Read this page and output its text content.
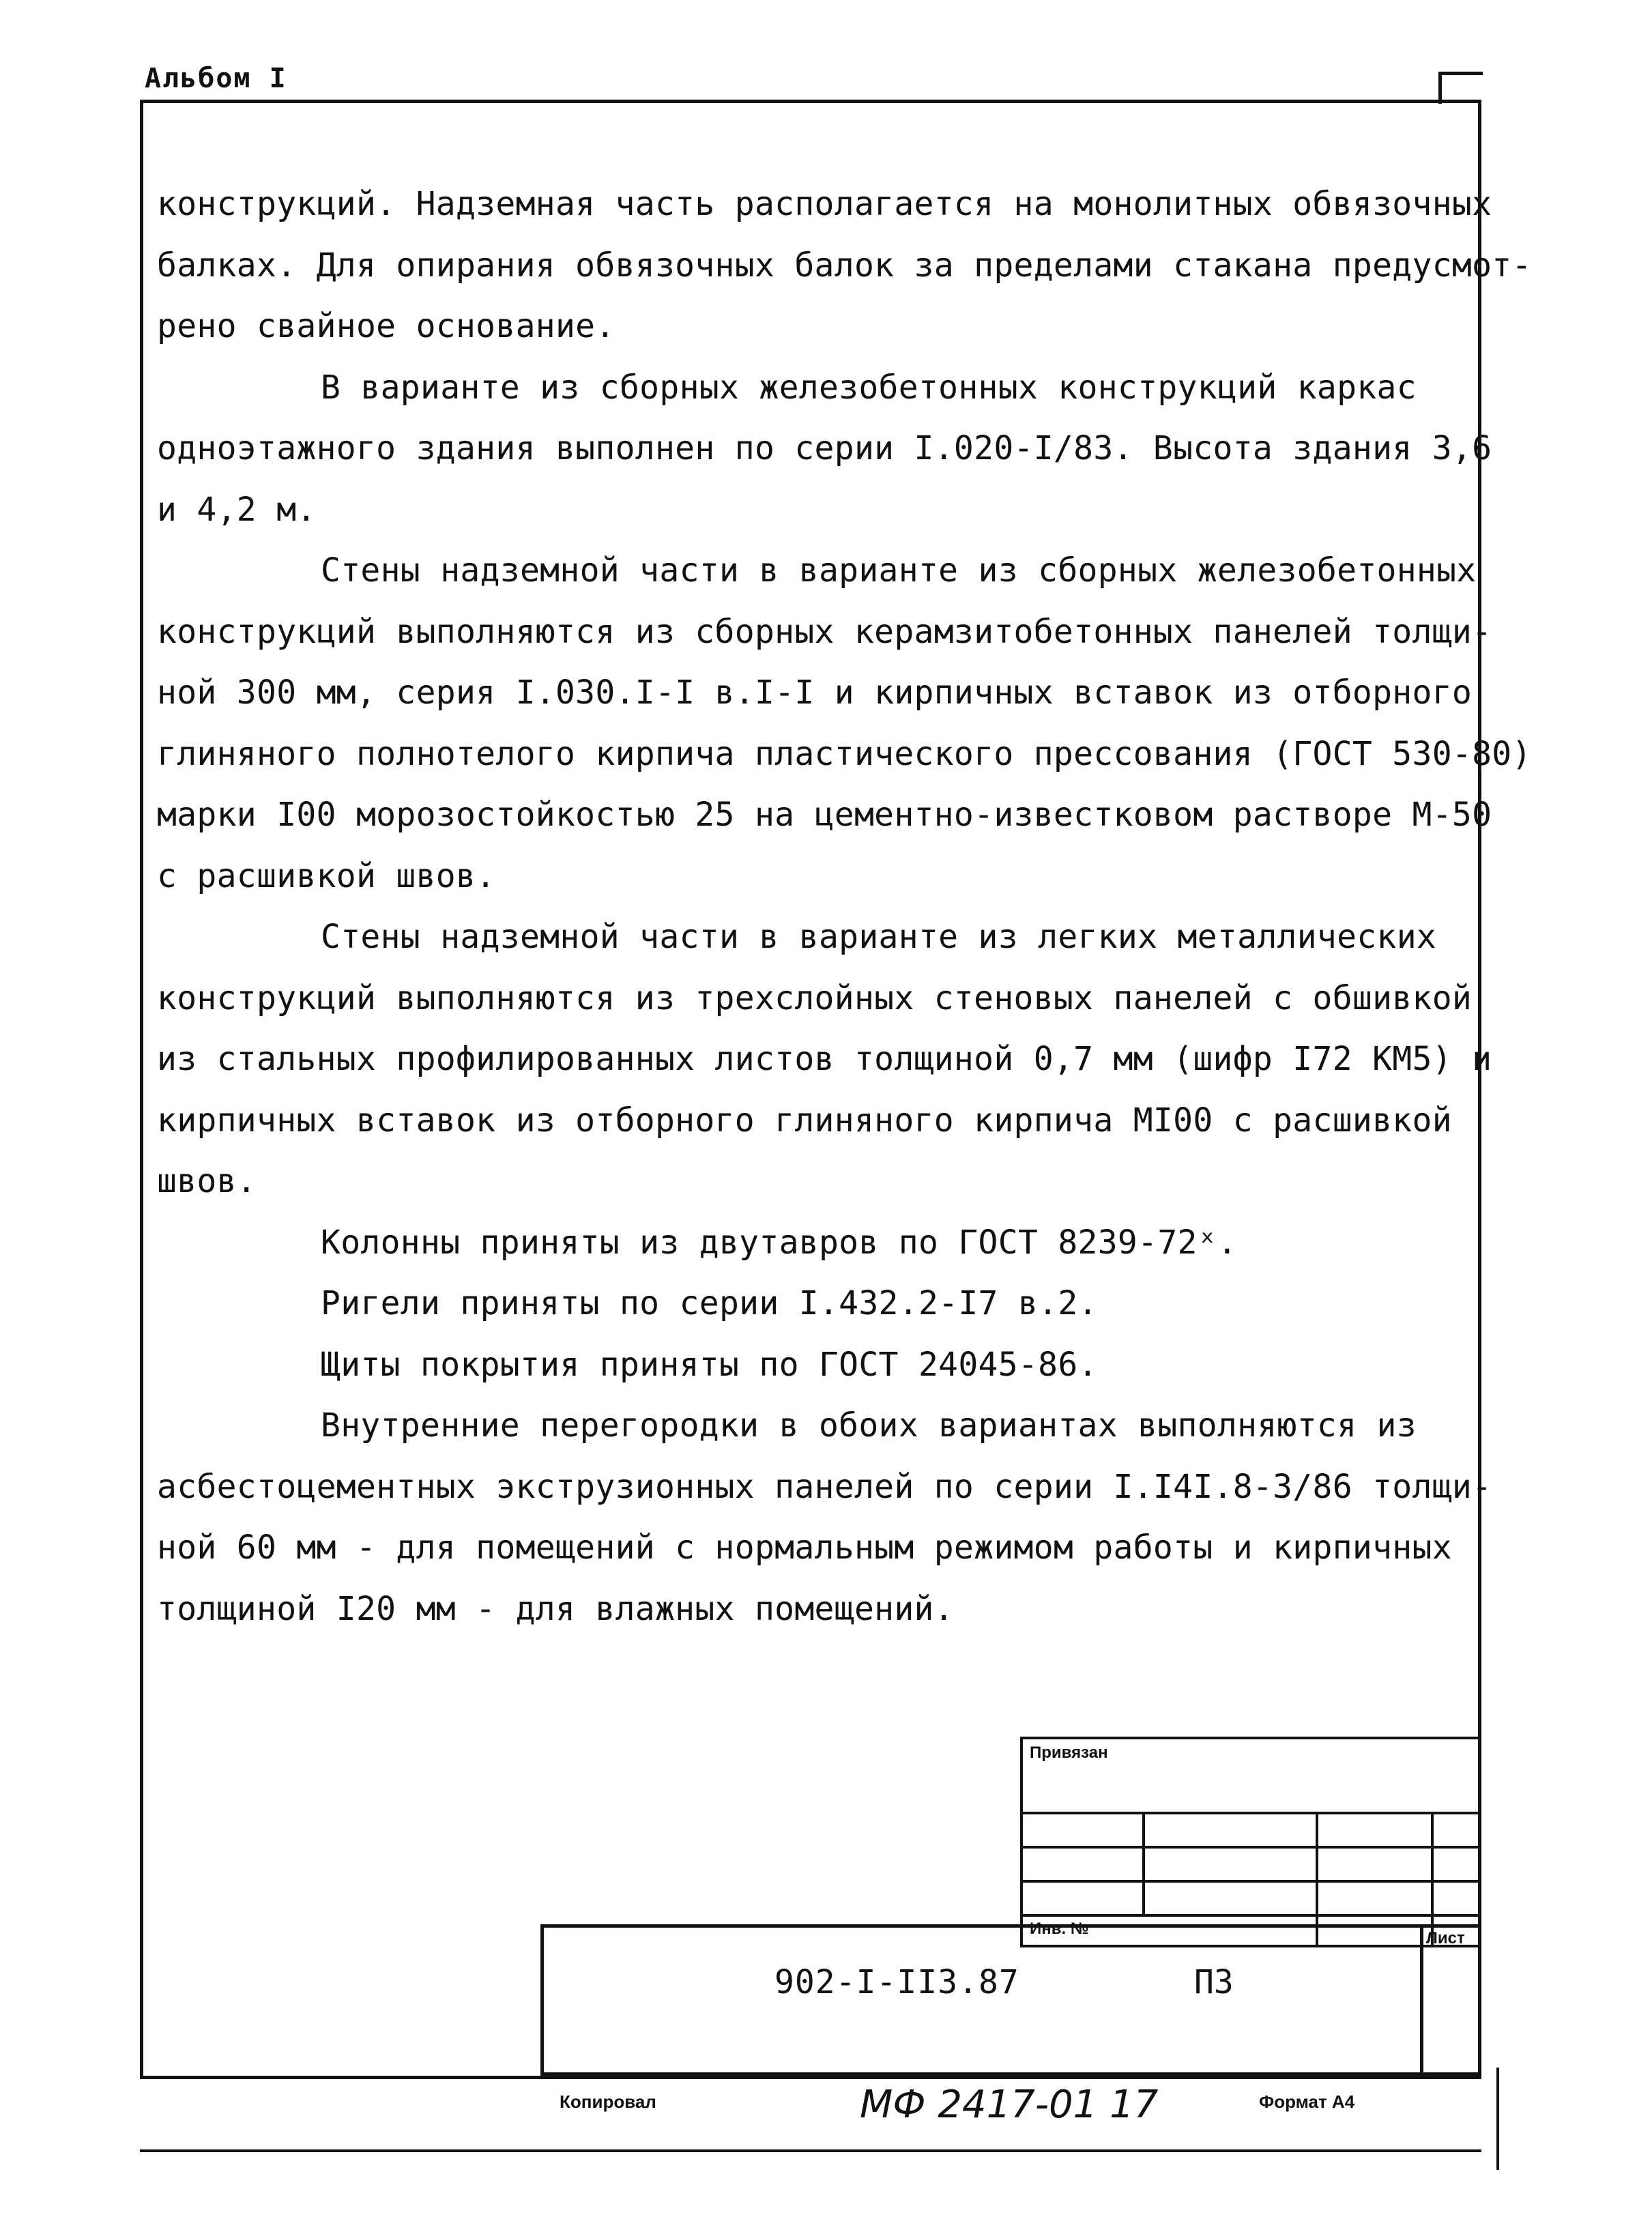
Альбом I
конструкций. Надземная часть располагается на монолитных обвязочных
балках. Для опирания обвязочных балок за пределами стакана предусмот-
рено свайное основание.
В варианте из сборных железобетонных конструкций каркас
одноэтажного здания выполнен по серии I.020-I/83. Высота здания 3,6
и 4,2 м.
Стены надземной части в варианте из сборных железобетонных
конструкций выполняются из сборных керамзитобетонных панелей толщи-
ной 300 мм, серия I.030.I-I в.I-I и кирпичных вставок из отборного
глиняного полнотелого кирпича пластического прессования (ГОСТ 530-80)
марки I00 морозостойкостью 25 на цементно-известковом растворе М-50
с расшивкой швов.
Стены надземной части в варианте из легких металлических
конструкций выполняются из трехслойных стеновых панелей с обшивкой
из стальных профилированных листов толщиной 0,7 мм (шифр I72 КМ5) и
кирпичных вставок из отборного глиняного кирпича МI00 с расшивкой
швов.
Колонны приняты из двутавров по ГОСТ 8239-72ˣ.
Ригели приняты по серии I.432.2-I7 в.2.
Щиты покрытия приняты по ГОСТ 24045-86.
Внутренние перегородки в обоих вариантах выполняются из
асбестоцементных экструзионных панелей по серии I.I4I.8-3/86 толщи-
ной 60 мм - для помещений с нормальным режимом работы и кирпичных
толщиной I20 мм - для влажных помещений.
Привязан			

Инв. №			
902-I-II3.87	ПЗ
Лист
Копировал	МФ 2417-01 17	Формат А4
